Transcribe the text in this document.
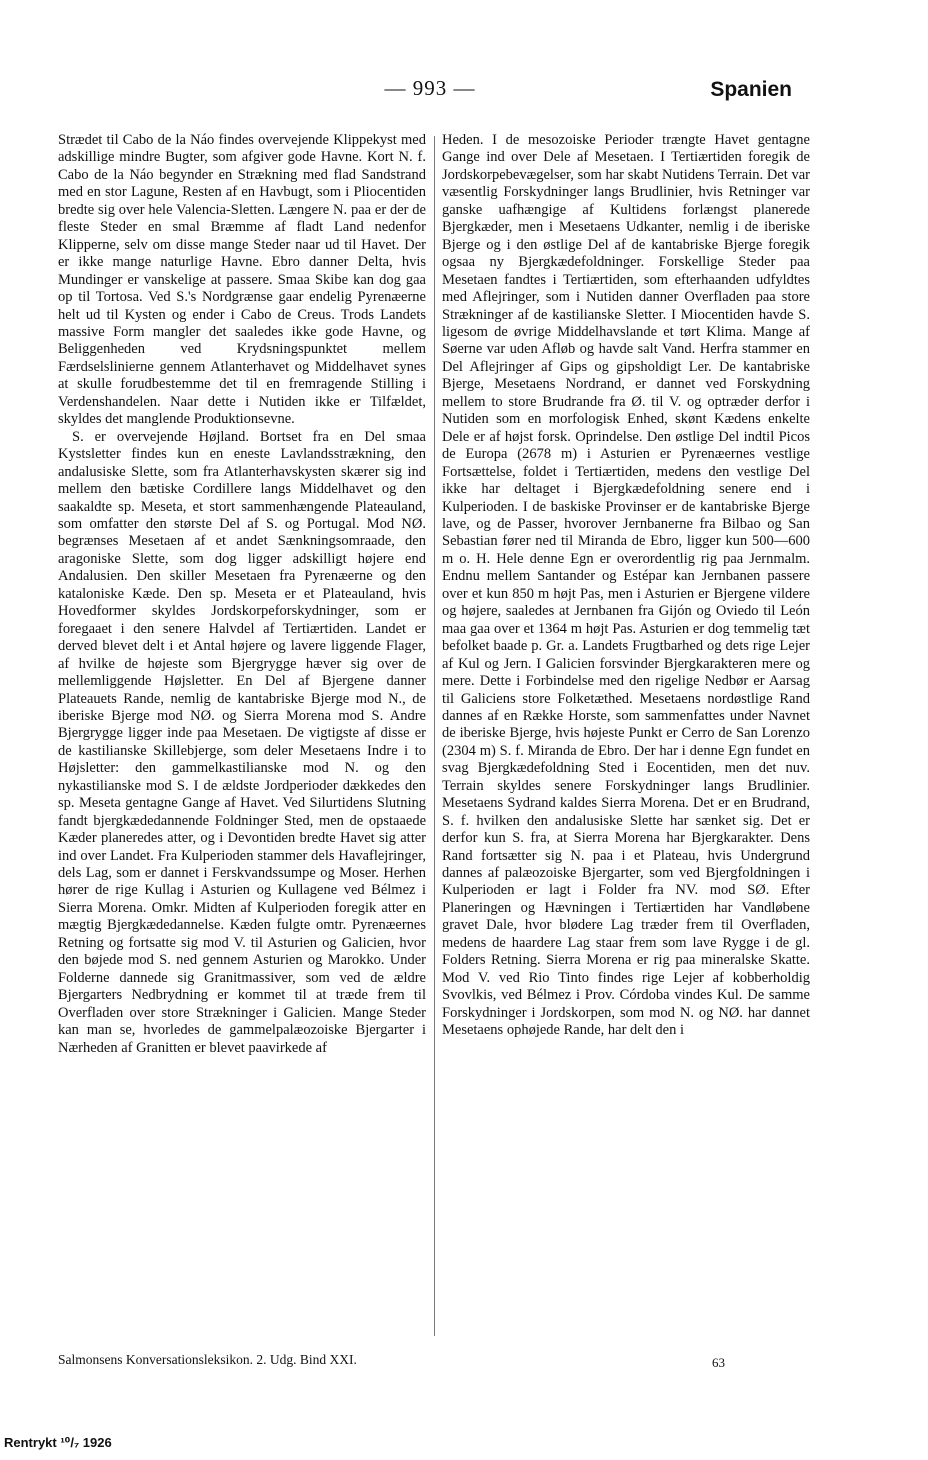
— 993 —	Spanien

Strædet til Cabo de la Náo findes overvejende Klippekyst med adskillige mindre Bugter, som afgiver gode Havne. Kort N. f. Cabo de la Náo begynder en Strækning med flad Sandstrand med en stor Lagune, Resten af en Havbugt, som i Pliocentiden bredte sig over hele Valencia-Sletten. Længere N. paa er der de fleste Steder en smal Bræmme af fladt Land nedenfor Klipperne, selv om disse mange Steder naar ud til Havet. Der er ikke mange naturlige Havne. Ebro danner Delta, hvis Mundinger er vanskelige at passere. Smaa Skibe kan dog gaa op til Tortosa. Ved S.'s Nordgrænse gaar endelig Pyrenæerne helt ud til Kysten og ender i Cabo de Creus. Trods Landets massive Form mangler det saaledes ikke gode Havne, og Beliggenheden ved Krydsningspunktet mellem Færdselslinierne gennem Atlanterhavet og Middelhavet synes at skulle forudbestemme det til en fremragende Stilling i Verdenshandelen. Naar dette i Nutiden ikke er Tilfældet, skyldes det manglende Produktionsevne.

S. er overvejende Højland. Bortset fra en Del smaa Kystsletter findes kun en eneste Lavlandsstrækning, den andalusiske Slette, som fra Atlanterhavskysten skærer sig ind mellem den bætiske Cordillere langs Middelhavet og den saakaldte sp. Meseta, et stort sammenhængende Plateauland, som omfatter den største Del af S. og Portugal. Mod NØ. begrænses Mesetaen af et andet Sænkningsomraade, den aragoniske Slette, som dog ligger adskilligt højere end Andalusien. Den skiller Mesetaen fra Pyrenæerne og den kataloniske Kæde. Den sp. Meseta er et Plateauland, hvis Hovedformer skyldes Jordskorpeforskydninger, som er foregaaet i den senere Halvdel af Tertiærtiden. Landet er derved blevet delt i et Antal højere og lavere liggende Flager, af hvilke de højeste som Bjergrygge hæver sig over de mellemliggende Højsletter. En Del af Bjergene danner Plateauets Rande, nemlig de kantabriske Bjerge mod N., de iberiske Bjerge mod NØ. og Sierra Morena mod S. Andre Bjergrygge ligger inde paa Mesetaen. De vigtigste af disse er de kastilianske Skillebjerge, som deler Mesetaens Indre i to Højsletter: den gammelkastilianske mod N. og den nykastilianske mod S. I de ældste Jordperioder dækkedes den sp. Meseta gentagne Gange af Havet. Ved Silurtidens Slutning fandt bjergkædedannende Foldninger Sted, men de opstaaede Kæder planeredes atter, og i Devontiden bredte Havet sig atter ind over Landet. Fra Kulperioden stammer dels Havaflejringer, dels Lag, som er dannet i Ferskvandssumpe og Moser. Herhen hører de rige Kullag i Asturien og Kullagene ved Bélmez i Sierra Morena. Omkr. Midten af Kulperioden foregik atter en mægtig Bjergkædedannelse. Kæden fulgte omtr. Pyrenæernes Retning og fortsatte sig mod V. til Asturien og Galicien, hvor den bøjede mod S. ned gennem Asturien og Marokko. Under Folderne dannede sig Granitmassiver, som ved de ældre Bjergarters Nedbrydning er kommet til at træde frem til Overfladen over store Strækninger i Galicien. Mange Steder kan man se, hvorledes de gammelpalæozoiske Bjergarter i Nærheden af Granitten er blevet paavirkede af

Heden. I de mesozoiske Perioder trængte Havet gentagne Gange ind over Dele af Mesetaen. I Tertiærtiden foregik de Jordskorpebevægelser, som har skabt Nutidens Terrain. Det var væsentlig Forskydninger langs Brudlinier, hvis Retninger var ganske uafhængige af Kultidens forlængst planerede Bjergkæder, men i Mesetaens Udkanter, nemlig i de iberiske Bjerge og i den østlige Del af de kantabriske Bjerge foregik ogsaa ny Bjergkædefoldninger. Forskellige Steder paa Mesetaen fandtes i Tertiærtiden, som efterhaanden udfyldtes med Aflejringer, som i Nutiden danner Overfladen paa store Strækninger af de kastilianske Sletter. I Miocentiden havde S. ligesom de øvrige Middelhavslande et tørt Klima. Mange af Søerne var uden Afløb og havde salt Vand. Herfra stammer en Del Aflejringer af Gips og gipsholdigt Ler. De kantabriske Bjerge, Mesetaens Nordrand, er dannet ved Forskydning mellem to store Brudrande fra Ø. til V. og optræder derfor i Nutiden som en morfologisk Enhed, skønt Kædens enkelte Dele er af højst forsk. Oprindelse. Den østlige Del indtil Picos de Europa (2678 m) i Asturien er Pyrenæernes vestlige Fortsættelse, foldet i Tertiærtiden, medens den vestlige Del ikke har deltaget i Bjergkædefoldning senere end i Kulperioden. I de baskiske Provinser er de kantabriske Bjerge lave, og de Passer, hvorover Jernbanerne fra Bilbao og San Sebastian fører ned til Miranda de Ebro, ligger kun 500—600 m o. H. Hele denne Egn er overordentlig rig paa Jernmalm. Endnu mellem Santander og Estépar kan Jernbanen passere over et kun 850 m højt Pas, men i Asturien er Bjergene vildere og højere, saaledes at Jernbanen fra Gijón og Oviedo til León maa gaa over et 1364 m højt Pas. Asturien er dog temmelig tæt befolket baade p. Gr. a. Landets Frugtbarhed og dets rige Lejer af Kul og Jern. I Galicien forsvinder Bjergkarakteren mere og mere. Dette i Forbindelse med den rigelige Nedbør er Aarsag til Galiciens store Folketæthed. Mesetaens nordøstlige Rand dannes af en Række Horste, som sammenfattes under Navnet de iberiske Bjerge, hvis højeste Punkt er Cerro de San Lorenzo (2304 m) S. f. Miranda de Ebro. Der har i denne Egn fundet en svag Bjergkædefoldning Sted i Eocentiden, men det nuv. Terrain skyldes senere Forskydninger langs Brudlinier. Mesetaens Sydrand kaldes Sierra Morena. Det er en Brudrand, S. f. hvilken den andalusiske Slette har sænket sig. Det er derfor kun S. fra, at Sierra Morena har Bjergkarakter. Dens Rand fortsætter sig N. paa i et Plateau, hvis Undergrund dannes af palæozoiske Bjergarter, som ved Bjergfoldningen i Kulperioden er lagt i Folder fra NV. mod SØ. Efter Planeringen og Hævningen i Tertiærtiden har Vandløbene gravet Dale, hvor blødere Lag træder frem til Overfladen, medens de haardere Lag staar frem som lave Rygge i de gl. Folders Retning. Sierra Morena er rig paa mineralske Skatte. Mod V. ved Rio Tinto findes rige Lejer af kobberholdig Svovlkis, ved Bélmez i Prov. Córdoba vindes Kul. De samme Forskydninger i Jordskorpen, som mod N. og NØ. har dannet Mesetaens ophøjede Rande, har delt den i

Salmonsens Konversationsleksikon. 2. Udg. Bind XXI.	63
Rentrykt ¹⁰/₇ 1926
